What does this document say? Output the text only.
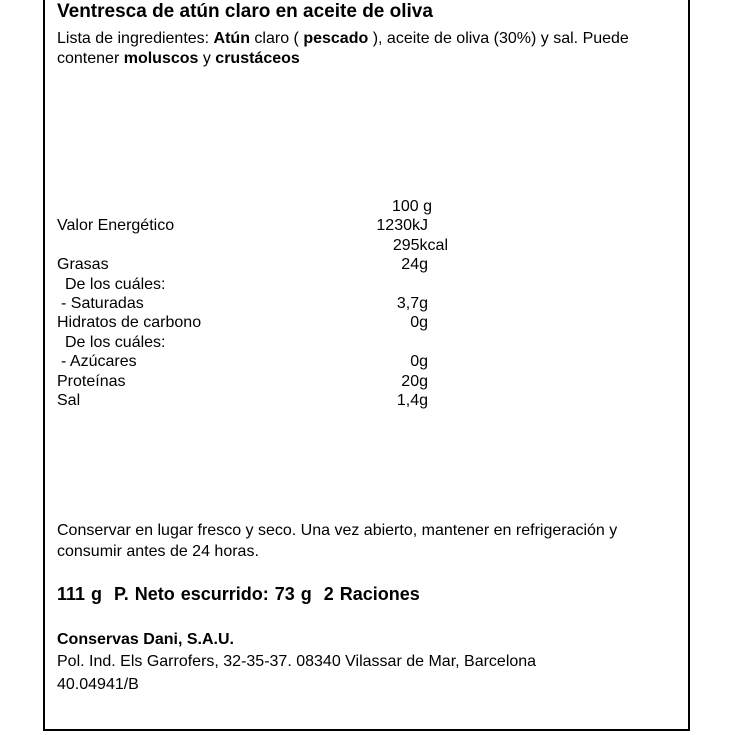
Ventresca de atún claro en aceite de oliva
Lista de ingredientes: Atún claro ( pescado ), aceite de oliva (30%) y sal. Puede contener moluscos y crustáceos
100 g
Valor Energético	1230kJ
295kcal
Grasas	24g
De los cuáles:
- Saturadas	3,7g
Hidratos de carbono	0g
De los cuáles:
- Azúcares	0g
Proteínas	20g
Sal	1,4g
Conservar en lugar fresco y seco. Una vez abierto, mantener en refrigeración y consumir antes de 24 horas.
111 g  P. Neto escurrido: 73 g  2 Raciones
Conservas Dani, S.A.U.
Pol. Ind. Els Garrofers, 32-35-37. 08340 Vilassar de Mar, Barcelona
40.04941/B
